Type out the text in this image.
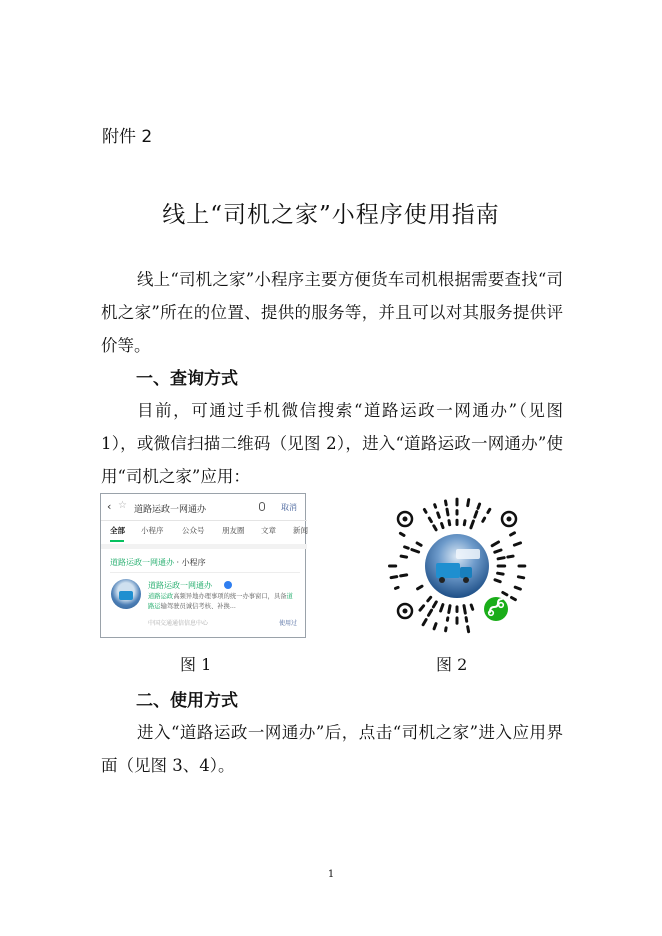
附件 2
线上“司机之家”小程序使用指南
线上“司机之家”小程序主要方便货车司机根据需要查找“司机之家”所在的位置、提供的服务等，并且可以对其服务提供评价等。
一、查询方式
目前，可通过手机微信搜索“道路运政一网通办”（见图 1），或微信扫描二维码（见图 2），进入“道路运政一网通办”使用“司机之家”应用：
‹ ☆ 道路运政一网通办	取消
全部 小程序 公众号 朋友圈 文章 新闻
道路运政一网通办 · 小程序
道路运政一网通办
道路运政高频异地办理事项的统一办事窗口，具备道路运输驾驶员诚信考核、补换...
中国交通通信信息中心	使用过
图 1	图 2
二、使用方式
进入“道路运政一网通办”后，点击“司机之家”进入应用界面（见图 3、4）。
1
